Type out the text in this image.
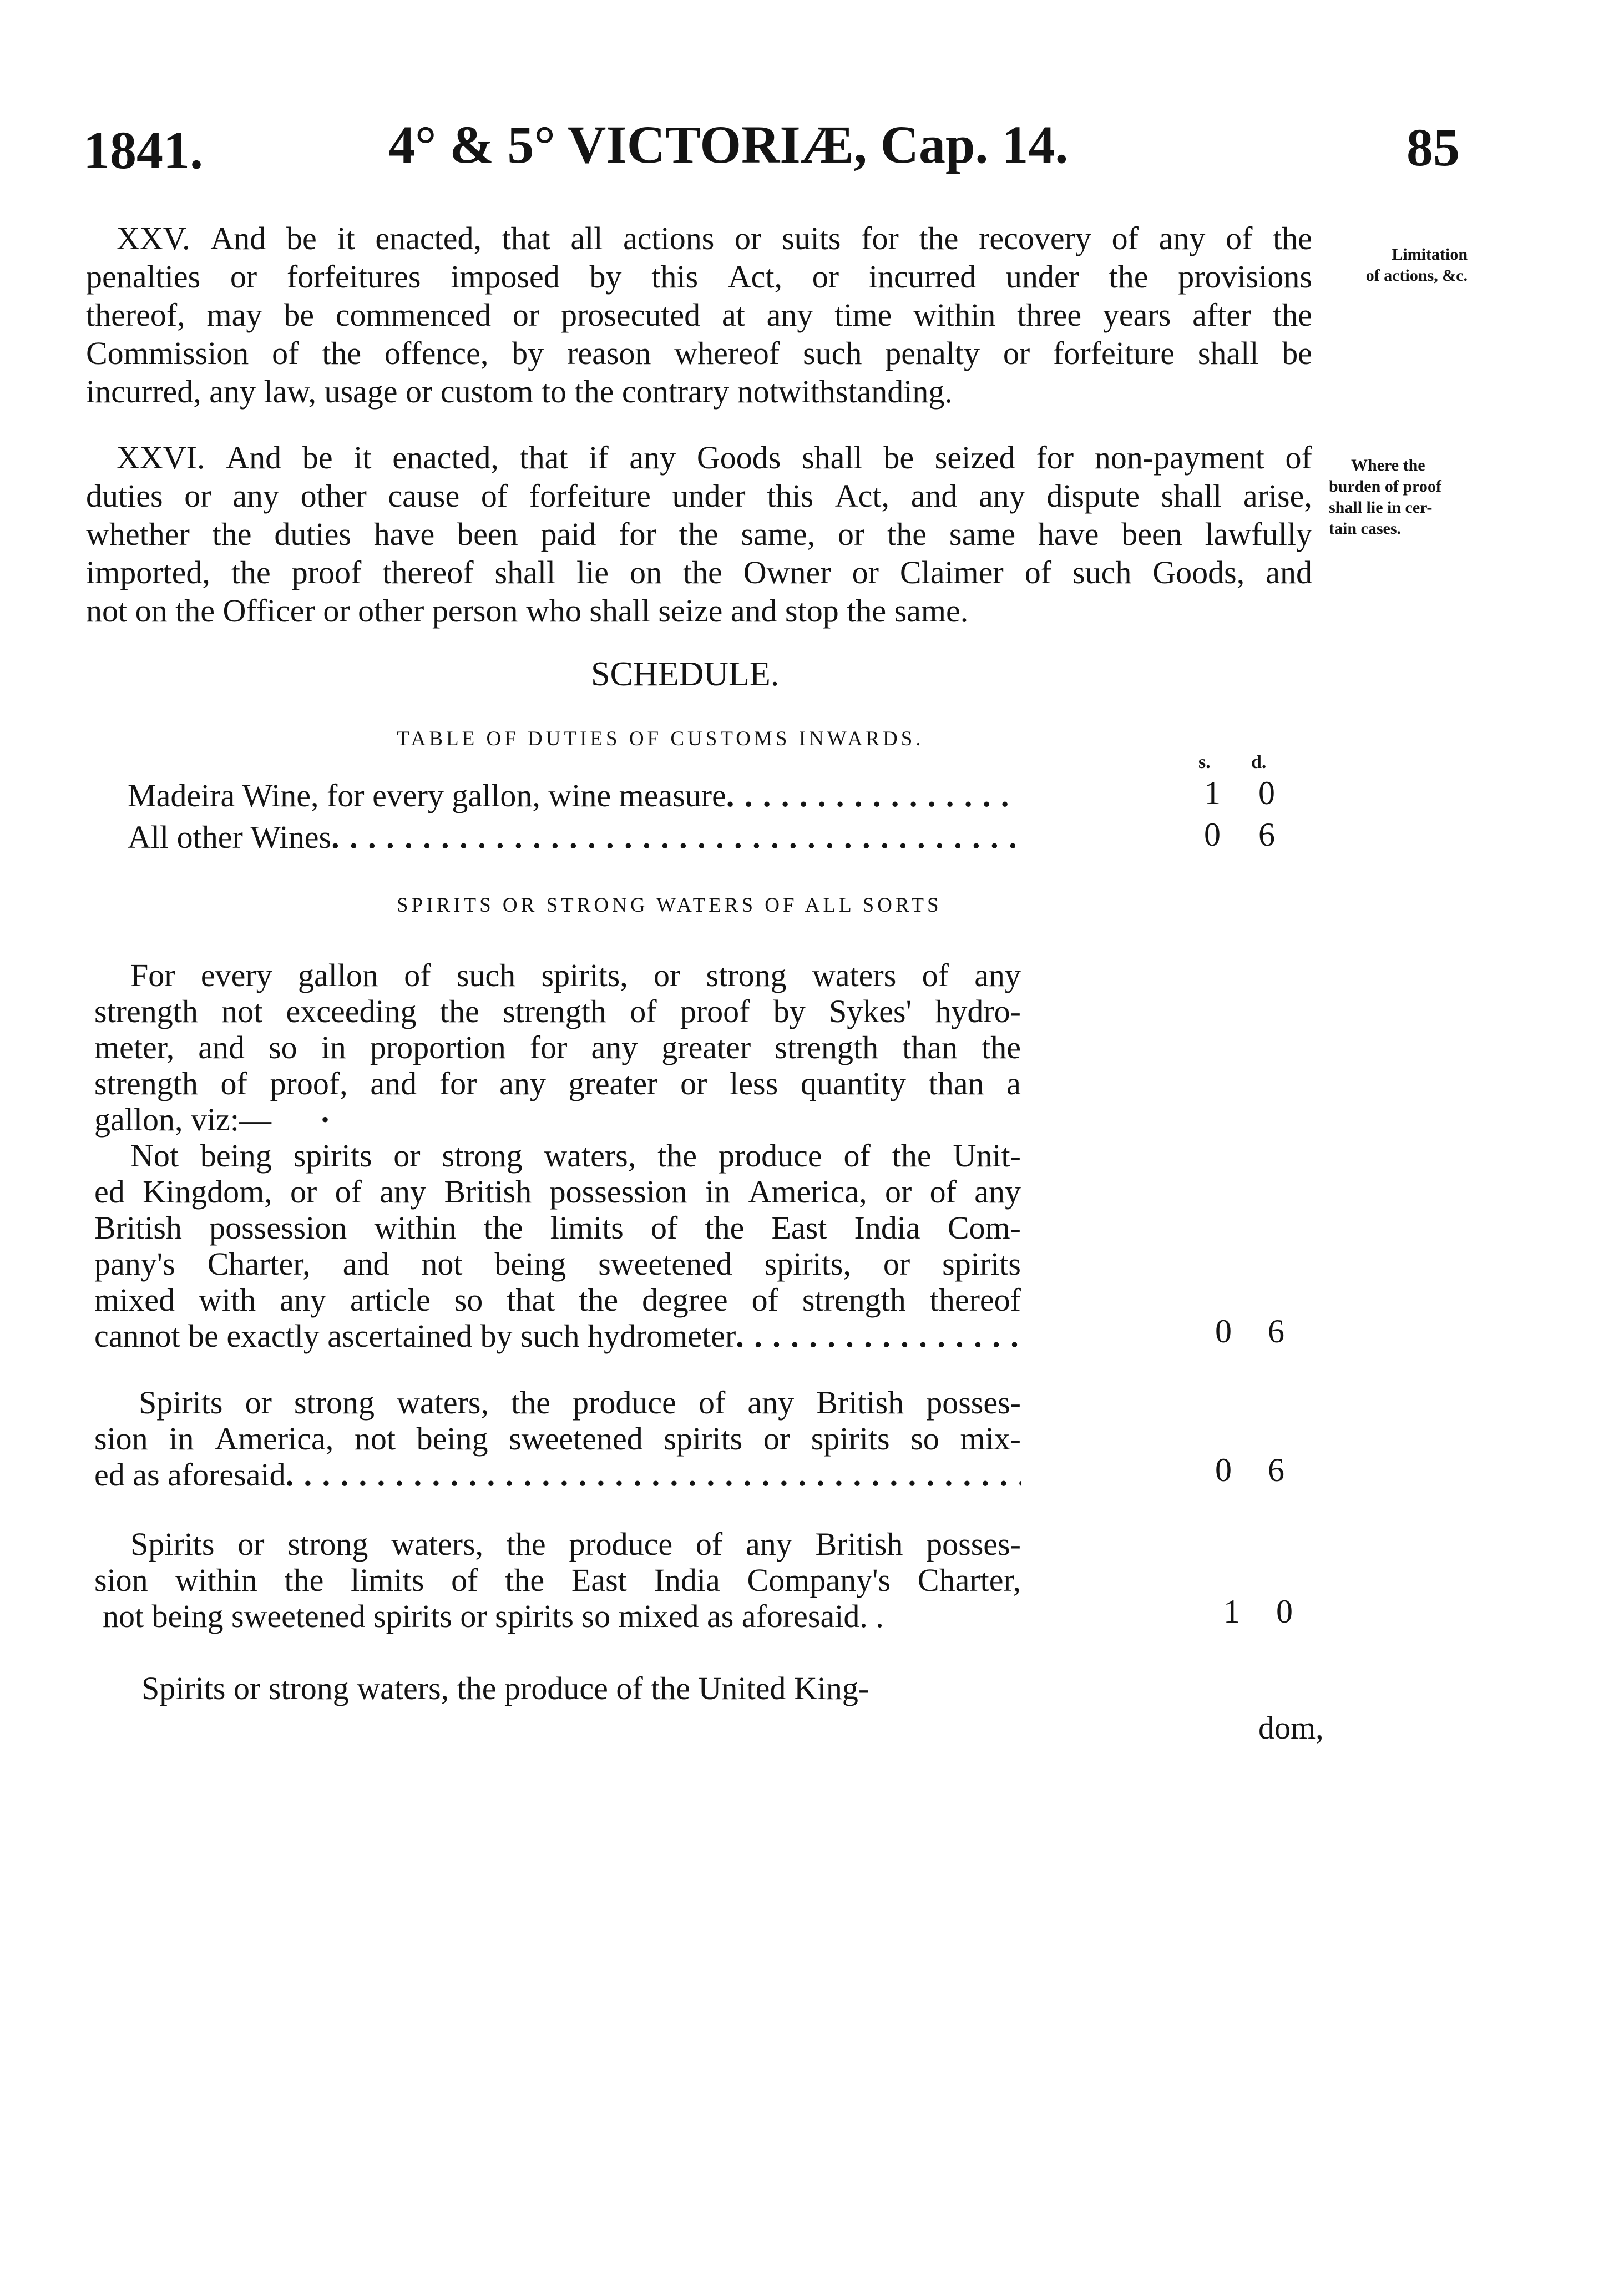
1841.	4° & 5° VICTORIÆ, Cap. 14.	85
XXV. And be it enacted, that all actions or suits for the recovery of any of the
penalties or forfeitures imposed by this Act, or incurred under the provisions
thereof, may be commenced or prosecuted at any time within three years after the
Commission of the offence, by reason whereof such penalty or forfeiture shall be
incurred, any law, usage or custom to the contrary notwithstanding.
Limitation
of actions, &c.
XXVI. And be it enacted, that if any Goods shall be seized for non-payment of
duties or any other cause of forfeiture under this Act, and any dispute shall arise,
whether the duties have been paid for the same, or the same have been lawfully
imported, the proof thereof shall lie on the Owner or Claimer of such Goods, and
not on the Officer or other person who shall seize and stop the same.
Where the
burden of proof
shall lie in cer-
tain cases.
SCHEDULE.
TABLE OF DUTIES OF CUSTOMS INWARDS.
s. d.
Madeira Wine, for every gallon, wine measure . . .	1 0
All other Wines . . .	0 6
SPIRITS OR STRONG WATERS OF ALL SORTS
For every gallon of such spirits, or strong waters of any
strength not exceeding the strength of proof by Sykes' hydro-
meter, and so in proportion for any greater strength than the
strength of proof, and for any greater or less quantity than a
gallon, viz:— •
Not being spirits or strong waters, the produce of the Unit-
ed Kingdom, or of any British possession in America, or of any
British possession within the limits of the East India Com-
pany's Charter, and not being sweetened spirits, or spirits
mixed with any article so that the degree of strength thereof
cannot be exactly ascertained by such hydrometer . . .	0 6
Spirits or strong waters, the produce of any British posses-
sion in America, not being sweetened spirits or spirits so mix-
ed as aforesaid . . .	0 6
Spirits or strong waters, the produce of any British posses-
sion within the limits of the East India Company's Charter,
not being sweetened spirits or spirits so mixed as aforesaid. .	1 0
Spirits or strong waters, the produce of the United King-
dom,
